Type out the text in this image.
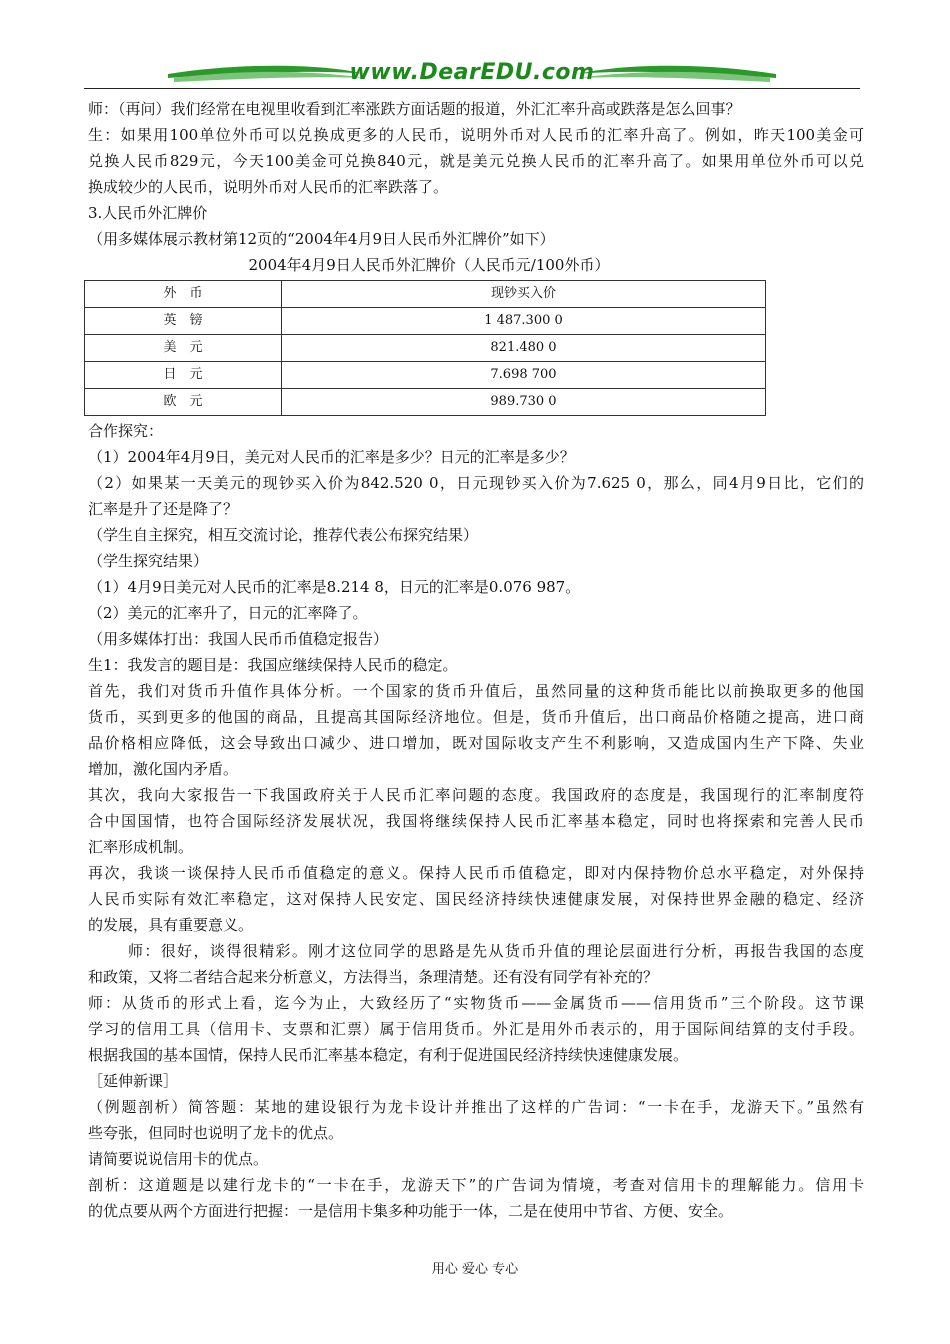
www.DearEDU.com

师：（再问）我们经常在电视里收看到汇率涨跌方面话题的报道，外汇汇率升高或跌落是怎么回事？

生：如果用100单位外币可以兑换成更多的人民币，说明外币对人民币的汇率升高了。例如，昨天100美金可

兑换人民币829元，今天100美金可兑换840元，就是美元兑换人民币的汇率升高了。如果用单位外币可以兑

换成较少的人民币，说明外币对人民币的汇率跌落了。

3.人民币外汇牌价

（用多媒体展示教材第12页的“2004年4月9日人民币外汇牌价”如下）

2004年4月9日人民币外汇牌价（人民币元/100外币）

外　币	现钞买入价
英　镑	1 487.300 0
美　元	821.480 0
日　元	7.698 700
欧　元	989.730 0

合作探究：

（1）2004年4月9日，美元对人民币的汇率是多少？日元的汇率是多少？

（2）如果某一天美元的现钞买入价为842.520 0，日元现钞买入价为7.625 0，那么，同4月9日比，它们的

汇率是升了还是降了？

（学生自主探究，相互交流讨论，推荐代表公布探究结果）

（学生探究结果）

（1）4月9日美元对人民币的汇率是8.214 8，日元的汇率是0.076 987。

（2）美元的汇率升了，日元的汇率降了。

（用多媒体打出：我国人民币币值稳定报告）

生1：我发言的题目是：我国应继续保持人民币的稳定。

首先，我们对货币升值作具体分析。一个国家的货币升值后，虽然同量的这种货币能比以前换取更多的他国

货币，买到更多的他国的商品，且提高其国际经济地位。但是，货币升值后，出口商品价格随之提高，进口商

品价格相应降低，这会导致出口减少、进口增加，既对国际收支产生不利影响，又造成国内生产下降、失业

增加，激化国内矛盾。

其次，我向大家报告一下我国政府关于人民币汇率问题的态度。我国政府的态度是，我国现行的汇率制度符

合中国国情，也符合国际经济发展状况，我国将继续保持人民币汇率基本稳定，同时也将探索和完善人民币

汇率形成机制。

再次，我谈一谈保持人民币币值稳定的意义。保持人民币币值稳定，即对内保持物价总水平稳定，对外保持

人民币实际有效汇率稳定，这对保持人民安定、国民经济持续快速健康发展，对保持世界金融的稳定、经济

的发展，具有重要意义。

师：很好，谈得很精彩。刚才这位同学的思路是先从货币升值的理论层面进行分析，再报告我国的态度

和政策，又将二者结合起来分析意义，方法得当，条理清楚。还有没有同学有补充的？

师：从货币的形式上看，迄今为止，大致经历了“实物货币——金属货币——信用货币”三个阶段。这节课

学习的信用工具（信用卡、支票和汇票）属于信用货币。外汇是用外币表示的，用于国际间结算的支付手段。

根据我国的基本国情，保持人民币汇率基本稳定，有利于促进国民经济持续快速健康发展。

［延伸新课］

（例题剖析）简答题：某地的建设银行为龙卡设计并推出了这样的广告词：“一卡在手，龙游天下。”虽然有

些夸张，但同时也说明了龙卡的优点。

请简要说说信用卡的优点。

剖析：这道题是以建行龙卡的“一卡在手，龙游天下”的广告词为情境，考查对信用卡的理解能力。信用卡

的优点要从两个方面进行把握：一是信用卡集多种功能于一体，二是在使用中节省、方便、安全。

用心 爱心 专心
